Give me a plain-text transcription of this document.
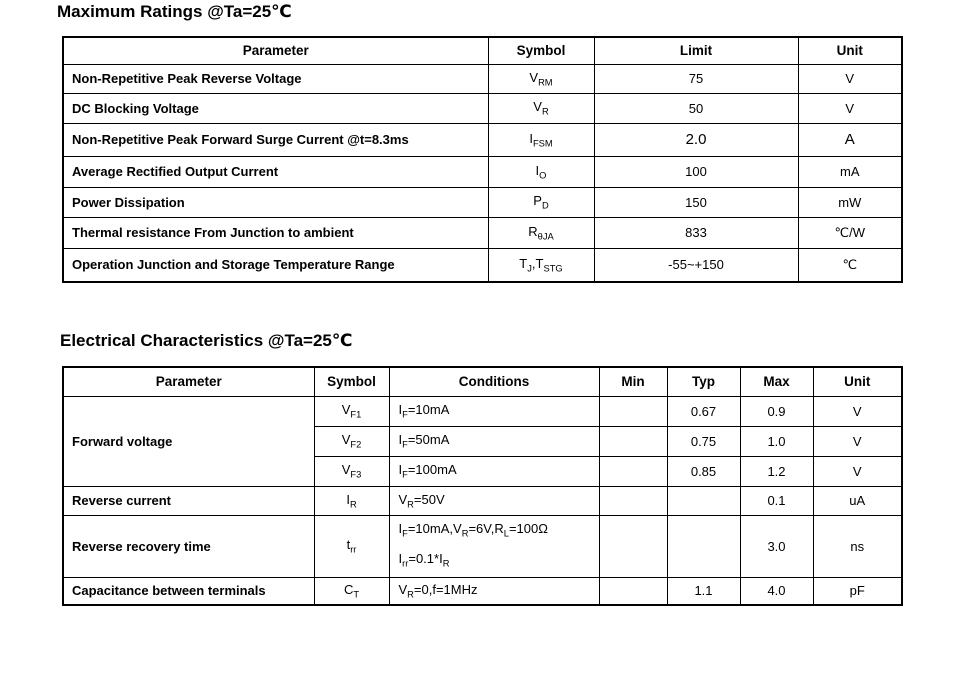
Maximum Ratings @Ta=25℃
Parameter	Symbol	Limit	Unit
Non-Repetitive Peak Reverse Voltage	$V_{RM}$	75	V
DC Blocking Voltage	$V_R$	50	V
Non-Repetitive Peak Forward Surge Current @t=8.3ms	$I_{FSM}$	2.0	A
Average Rectified Output Current	$I_O$	100	mA
Power Dissipation	$P_D$	150	mW
Thermal resistance From Junction to ambient	$R_{\theta JA}$	833	℃/W
Operation Junction and Storage Temperature Range	$T_J,T_{STG}$	-55~+150	℃
Electrical Characteristics @Ta=25℃
Parameter	Symbol	Conditions	Min	Typ	Max	Unit
Forward voltage	$V_{F1}$	$I_F=10mA$		0.67	0.9	V
	$V_{F2}$	$I_F=50mA$		0.75	1.0	V
	$V_{F3}$	$I_F=100mA$		0.85	1.2	V
Reverse current	$I_R$	$V_R=50V$			0.1	uA
Reverse recovery time	$t_{rr}$	$I_F=10mA,V_R=6V,R_L=100\Omega$
$I_{rr}=0.1*I_R$			3.0	ns
Capacitance between terminals	$C_T$	$V_R=0,f=1MHz$		1.1	4.0	pF
